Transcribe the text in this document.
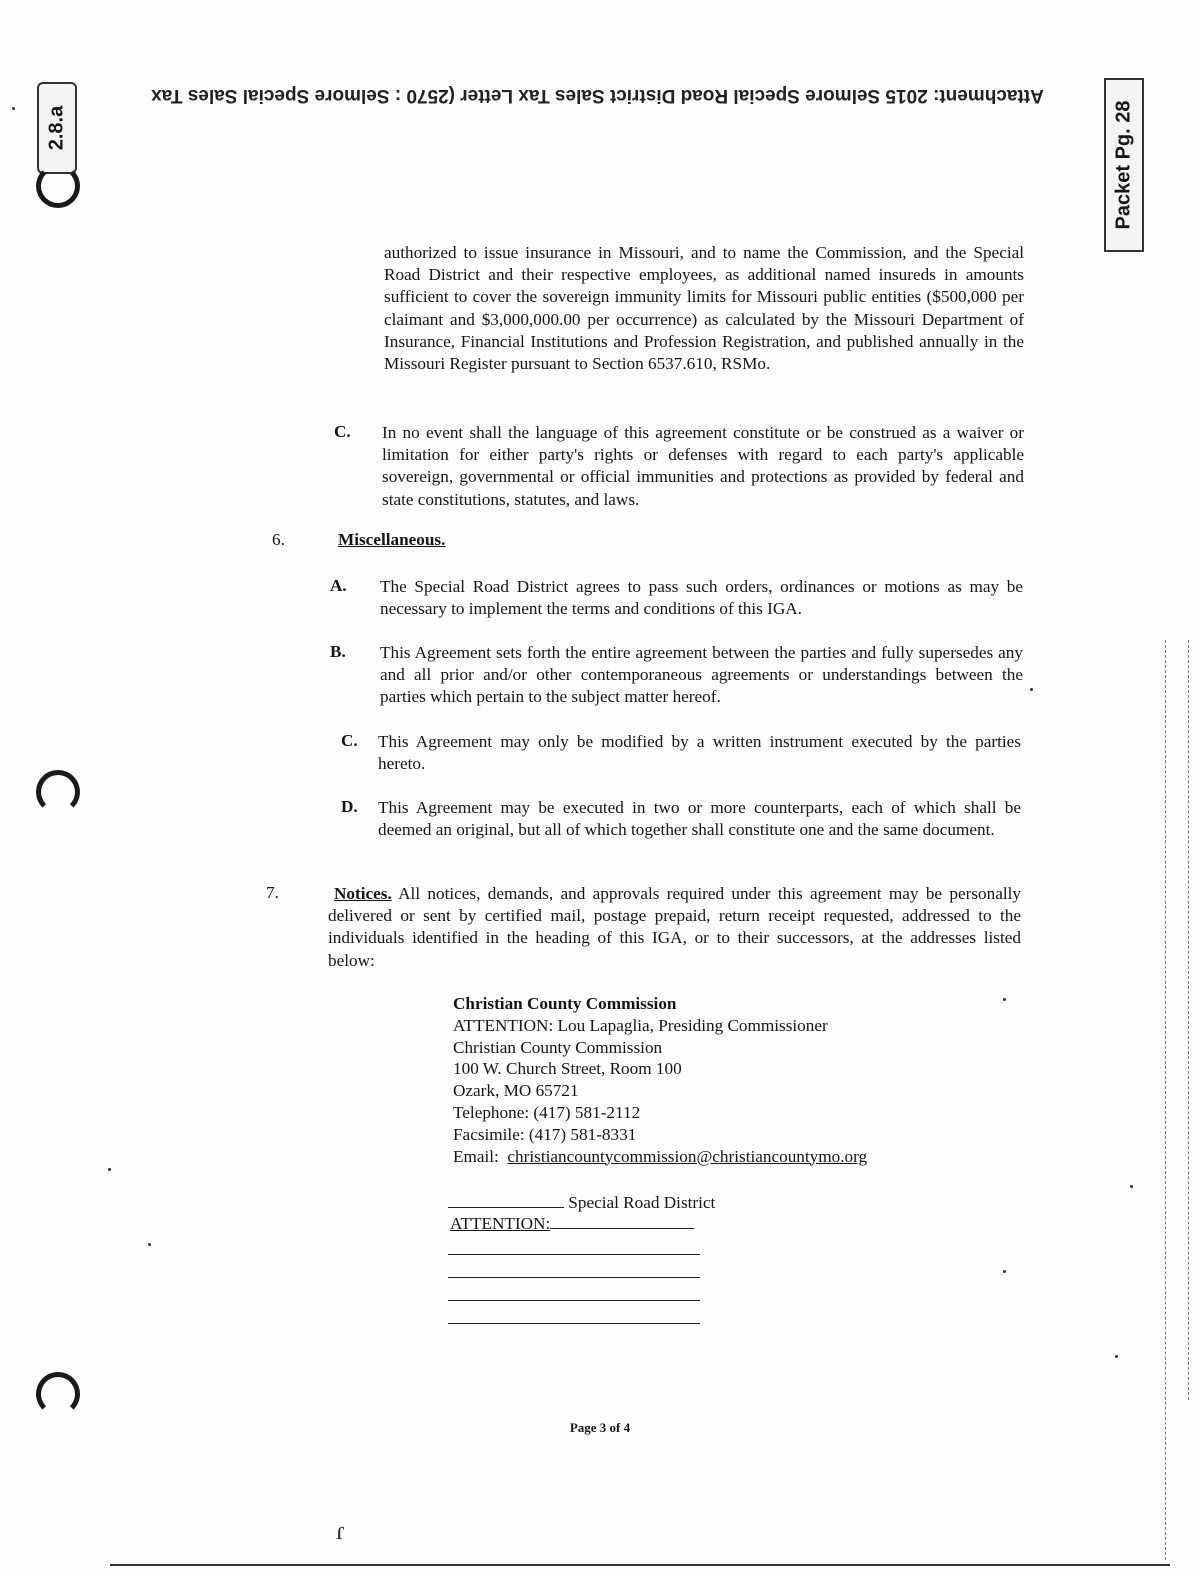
Attachment: 2015 Selmore Special Road District Sales Tax Letter (2570 : Selmore Special Sales Tax
2.8.a	Packet Pg. 28
authorized to issue insurance in Missouri, and to name the Commission, and the Special Road District and their respective employees, as additional named insureds in amounts sufficient to cover the sovereign immunity limits for Missouri public entities ($500,000 per claimant and $3,000,000.00 per occurrence) as calculated by the Missouri Department of Insurance, Financial Institutions and Profession Registration, and published annually in the Missouri Register pursuant to Section 6537.610, RSMo.
C. In no event shall the language of this agreement constitute or be construed as a waiver or limitation for either party's rights or defenses with regard to each party's applicable sovereign, governmental or official immunities and protections as provided by federal and state constitutions, statutes, and laws.
6.	Miscellaneous.
A. The Special Road District agrees to pass such orders, ordinances or motions as may be necessary to implement the terms and conditions of this IGA.
B. This Agreement sets forth the entire agreement between the parties and fully supersedes any and all prior and/or other contemporaneous agreements or understandings between the parties which pertain to the subject matter hereof.
C. This Agreement may only be modified by a written instrument executed by the parties hereto.
D. This Agreement may be executed in two or more counterparts, each of which shall be deemed an original, but all of which together shall constitute one and the same document.
7.	Notices. All notices, demands, and approvals required under this agreement may be personally delivered or sent by certified mail, postage prepaid, return receipt requested, addressed to the individuals identified in the heading of this IGA, or to their successors, at the addresses listed below:
Christian County Commission
ATTENTION: Lou Lapaglia, Presiding Commissioner
Christian County Commission
100 W. Church Street, Room 100
Ozark, MO 65721
Telephone: (417) 581-2112
Facsimile: (417) 581-8331
Email: christiancountycommission@christiancountymo.org
Special Road District
ATTENTION:
Page 3 of 4
ɾ
